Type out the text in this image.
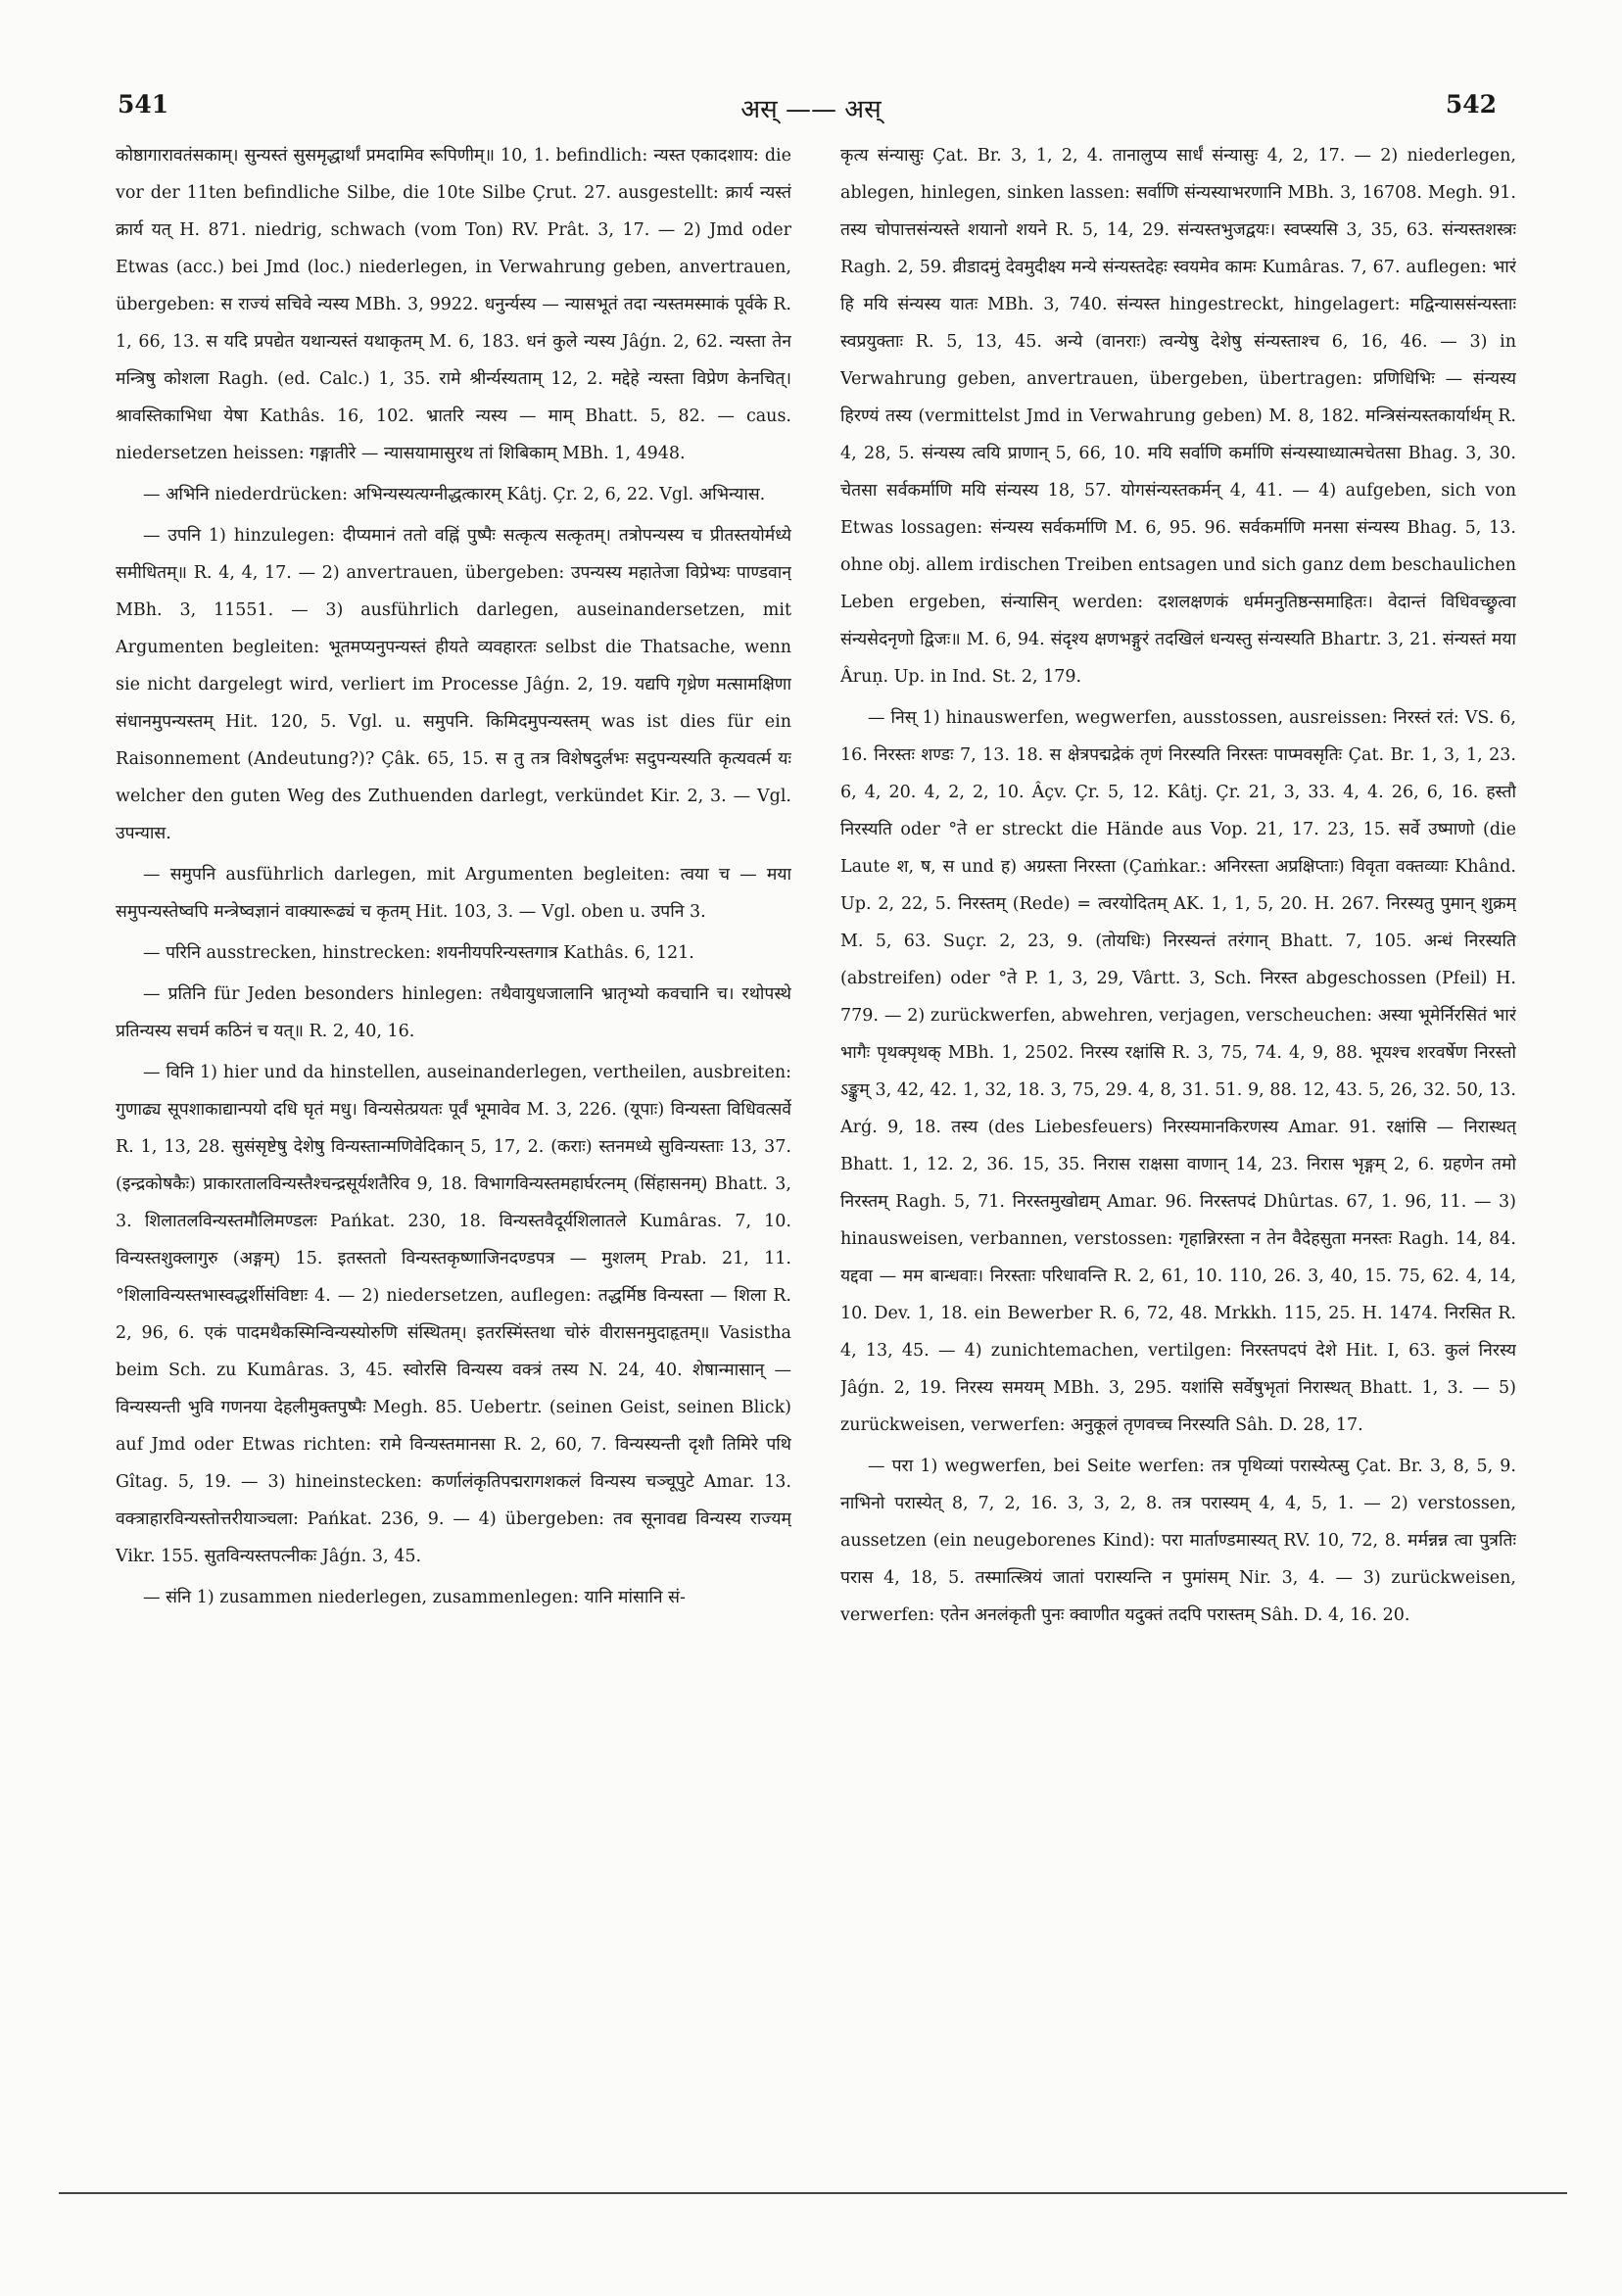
541	अस् —— अस्	542

कोष्ठागारावतंसकाम्। सुन्यस्तं सुसमृद्धार्थां प्रमदामिव रूपिणीम्॥ 10, 1. befindlich: न्यस्त एकादशाय: die vor der 11ten befindliche Silbe, die 10te Silbe Çrut. 27. ausgestellt: क्रार्य न्यस्तं क्रार्य यत् H. 871. niedrig, schwach (vom Ton) RV. Prât. 3, 17. — 2) Jmd oder Etwas (acc.) bei Jmd (loc.) niederlegen, in Verwahrung geben, anvertrauen, übergeben: स राज्यं सचिवे न्यस्य MBh. 3, 9922. धनुर्न्यस्य — न्यासभूतं तदा न्यस्तमस्माकं पूर्वके R. 1, 66, 13. स यदि प्रपद्येत यथान्यस्तं यथाकृतम् M. 6, 183. धनं कुले न्यस्य Jâǵn. 2, 62. न्यस्ता तेन मन्त्रिषु कोशला Ragh. (ed. Calc.) 1, 35. रामे श्रीर्न्यस्यताम् 12, 2. मद्देहे न्यस्ता विप्रेण केनचित्। श्रावस्तिकाभिधा येषा Kathâs. 16, 102. भ्रातरि न्यस्य — माम् Bhatt. 5, 82. — caus. niedersetzen heissen: गङ्गातीरे — न्यासयामासुरथ तां शिबिकाम् MBh. 1, 4948.

— अभिनि niederdrücken: अभिन्यस्यत्यग्नीद्धत्कारम् Kâtj. Çr. 2, 6, 22. Vgl. अभिन्यास.

— उपनि 1) hinzulegen: दीप्यमानं ततो वह्निं पुष्पैः सत्कृत्य सत्कृतम्। तत्रोपन्यस्य च प्रीतस्तयोर्मध्ये समीधितम्॥ R. 4, 4, 17. — 2) anvertrauen, übergeben: उपन्यस्य महातेजा विप्रेभ्यः पाण्डवान् MBh. 3, 11551. — 3) ausführlich darlegen, auseinandersetzen, mit Argumenten begleiten: भूतमप्यनुपन्यस्तं हीयते व्यवहारतः selbst die Thatsache, wenn sie nicht dargelegt wird, verliert im Processe Jâǵn. 2, 19. यद्यपि गृध्रेण मत्सामक्षिणा संधानमुपन्यस्तम् Hit. 120, 5. Vgl. u. समुपनि. किमिदमुपन्यस्तम् was ist dies für ein Raisonnement (Andeutung?)? Çâk. 65, 15. स तु तत्र विशेषदुर्लभः सदुपन्यस्यति कृत्यवर्त्म यः welcher den guten Weg des Zuthuenden darlegt, verkündet Kir. 2, 3. — Vgl. उपन्यास.

— समुपनि ausführlich darlegen, mit Argumenten begleiten: त्वया च — मया समुपन्यस्तेष्वपि मन्त्रेष्वज्ञानं वाक्यारूढ्यं च कृतम् Hit. 103, 3. — Vgl. oben u. उपनि 3.

— परिनि ausstrecken, hinstrecken: शयनीयपरिन्यस्तगात्र Kathâs. 6, 121.

— प्रतिनि für Jeden besonders hinlegen: तथैवायुधजालानि भ्रातृभ्यो कवचानि च। रथोपस्थे प्रतिन्यस्य सचर्म कठिनं च यत्॥ R. 2, 40, 16.

— विनि 1) hier und da hinstellen, auseinanderlegen, vertheilen, ausbreiten: गुणाढ्य सूपशाकाद्यान्पयो दधि घृतं मधु। विन्यसेत्प्रयतः पूर्वं भूमावेव M. 3, 226. (यूपाः) विन्यस्ता विधिवत्सर्वे R. 1, 13, 28. सुसंसृष्टेषु देशेषु विन्यस्तान्मणिवेदिकान् 5, 17, 2. (कराः) स्तनमध्ये सुविन्यस्ताः 13, 37. (इन्द्रकोषकैः) प्राकारतालविन्यस्तैश्चन्द्रसूर्यशतैरिव 9, 18. विभागविन्यस्तमहार्घरत्नम् (सिंहासनम्) Bhatt. 3, 3. शिलातलविन्यस्तमौलिमण्डलः Pańkat. 230, 18. विन्यस्तवैदूर्यशिलातले Kumâras. 7, 10. विन्यस्तशुक्लागुरु (अङ्गम्) 15. इतस्ततो विन्यस्तकृष्णाजिनदण्डपत्र — मुशलम् Prab. 21, 11. °शिलाविन्यस्तभास्वद्धर्शीसंविष्टाः 4. — 2) niedersetzen, auflegen: तद्धर्मिष्ठ विन्यस्ता — शिला R. 2, 96, 6. एकं पादमथैकस्मिन्विन्यस्योरुणि संस्थितम्। इतरस्मिंस्तथा चोरुं वीरासनमुदाहृतम्॥ Vasistha beim Sch. zu Kumâras. 3, 45. स्वोरसि विन्यस्य वक्त्रं तस्य N. 24, 40. शेषान्मासान् — विन्यस्यन्ती भुवि गणनया देहलीमुक्तपुष्पैः Megh. 85. Uebertr. (seinen Geist, seinen Blick) auf Jmd oder Etwas richten: रामे विन्यस्तमानसा R. 2, 60, 7. विन्यस्यन्ती दृशौ तिमिरे पथि Gîtag. 5, 19. — 3) hineinstecken: कर्णालंकृतिपद्मरागशकलं विन्यस्य चञ्चूपुटे Amar. 13. वक्त्राहारविन्यस्तोत्तरीयाञ्चला: Pańkat. 236, 9. — 4) übergeben: तव सूनावद्य विन्यस्य राज्यम् Vikr. 155. सुतविन्यस्तपत्नीकः Jâǵn. 3, 45.

— संनि 1) zusammen niederlegen, zusammenlegen: यानि मांसानि सं-

कृत्य संन्यासुः Çat. Br. 3, 1, 2, 4. तानालुप्य सार्धं संन्यासुः 4, 2, 17. — 2) niederlegen, ablegen, hinlegen, sinken lassen: सर्वाणि संन्यस्याभरणानि MBh. 3, 16708. Megh. 91. तस्य चोपात्तसंन्यस्ते शयानो शयने R. 5, 14, 29. संन्यस्तभुजद्वयः। स्वप्स्यसि 3, 35, 63. संन्यस्तशस्त्रः Ragh. 2, 59. व्रीडादमुं देवमुदीक्ष्य मन्ये संन्यस्तदेहः स्वयमेव कामः Kumâras. 7, 67. auflegen: भारं हि मयि संन्यस्य यातः MBh. 3, 740. संन्यस्त hingestreckt, hingelagert: मद्विन्याससंन्यस्ताः स्वप्रयुक्ताः R. 5, 13, 45. अन्ये (वानराः) त्वन्येषु देशेषु संन्यस्ताश्च 6, 16, 46. — 3) in Verwahrung geben, anvertrauen, übergeben, übertragen: प्रणिधिभिः — संन्यस्य हिरण्यं तस्य (vermittelst Jmd in Verwahrung geben) M. 8, 182. मन्त्रिसंन्यस्तकार्यार्थम् R. 4, 28, 5. संन्यस्य त्वयि प्राणान् 5, 66, 10. मयि सर्वाणि कर्माणि संन्यस्याध्यात्मचेतसा Bhag. 3, 30. चेतसा सर्वकर्माणि मयि संन्यस्य 18, 57. योगसंन्यस्तकर्मन् 4, 41. — 4) aufgeben, sich von Etwas lossagen: संन्यस्य सर्वकर्माणि M. 6, 95. 96. सर्वकर्माणि मनसा संन्यस्य Bhag. 5, 13. ohne obj. allem irdischen Treiben entsagen und sich ganz dem beschaulichen Leben ergeben, संन्यासिन् werden: दशलक्षणकं धर्ममनुतिष्ठन्समाहितः। वेदान्तं विधिवच्छ्रुत्वा संन्यसेदनृणो द्विजः॥ M. 6, 94. संदृश्य क्षणभङ्गुरं तदखिलं धन्यस्तु संन्यस्यति Bhartr. 3, 21. संन्यस्तं मया Âruṇ. Up. in Ind. St. 2, 179.

— निस् 1) hinauswerfen, wegwerfen, ausstossen, ausreissen: निरस्तं रतं: VS. 6, 16. निरस्तः शण्डः 7, 13. 18. स क्षेत्रपद्मद्रेकं तृणं निरस्यति निरस्तः पाप्मवसृतिः Çat. Br. 1, 3, 1, 23. 6, 4, 20. 4, 2, 2, 10. Âçv. Çr. 5, 12. Kâtj. Çr. 21, 3, 33. 4, 4. 26, 6, 16. हस्तौ निरस्यति oder °ते er streckt die Hände aus Vop. 21, 17. 23, 15. सर्वे उष्माणो (die Laute श, ष, स und ह) अग्रस्ता निरस्ता (Çaṁkar.: अनिरस्ता अप्रक्षिप्ताः) विवृता वक्तव्याः Khând. Up. 2, 22, 5. निरस्तम् (Rede) = त्वरयोदितम् AK. 1, 1, 5, 20. H. 267. निरस्यतु पुमान् शुक्रम् M. 5, 63. Suçr. 2, 23, 9. (तोयधिः) निरस्यन्तं तरंगान् Bhatt. 7, 105. अन्धं निरस्यति (abstreifen) oder °ते P. 1, 3, 29, Vârtt. 3, Sch. निरस्त abgeschossen (Pfeil) H. 779. — 2) zurückwerfen, abwehren, verjagen, verscheuchen: अस्या भूमेर्निरसितं भारं भागैः पृथक्पृथक् MBh. 1, 2502. निरस्य रक्षांसि R. 3, 75, 74. 4, 9, 88. भूयश्च शरवर्षेण निरस्तो ऽङ्कुम् 3, 42, 42. 1, 32, 18. 3, 75, 29. 4, 8, 31. 51. 9, 88. 12, 43. 5, 26, 32. 50, 13. Arǵ. 9, 18. तस्य (des Liebesfeuers) निरस्यमानकिरणस्य Amar. 91. रक्षांसि — निरास्थत् Bhatt. 1, 12. 2, 36. 15, 35. निरास राक्षसा वाणान् 14, 23. निरास भृङ्गम् 2, 6. ग्रहणेन तमो निरस्तम् Ragh. 5, 71. निरस्तमुखोद्यम् Amar. 96. निरस्तपदं Dhûrtas. 67, 1. 96, 11. — 3) hinausweisen, verbannen, verstossen: गृहान्निरस्ता न तेन वैदेहसुता मनस्तः Ragh. 14, 84. यद्दवा — मम बान्धवाः। निरस्ताः परिधावन्ति R. 2, 61, 10. 110, 26. 3, 40, 15. 75, 62. 4, 14, 10. Dev. 1, 18. ein Bewerber R. 6, 72, 48. Mrkkh. 115, 25. H. 1474. निरसित R. 4, 13, 45. — 4) zunichtemachen, vertilgen: निरस्तपदपं देशे Hit. I, 63. कुलं निरस्य Jâǵn. 2, 19. निरस्य समयम् MBh. 3, 295. यशांसि सर्वेषुभृतां निरास्थत् Bhatt. 1, 3. — 5) zurückweisen, verwerfen: अनुकूलं तृणवच्च निरस्यति Sâh. D. 28, 17.

— परा 1) wegwerfen, bei Seite werfen: तत्र पृथिव्यां परास्येत्प्सु Çat. Br. 3, 8, 5, 9. नाभिनो परास्येत् 8, 7, 2, 16. 3, 3, 2, 8. तत्र परास्यम् 4, 4, 5, 1. — 2) verstossen, aussetzen (ein neugeborenes Kind): परा मार्ताण्डमास्यत् RV. 10, 72, 8. मर्मन्नन्न त्वा पुत्रतिः परास 4, 18, 5. तस्मात्स्त्रियं जातां परास्यन्ति न पुमांसम् Nir. 3, 4. — 3) zurückweisen, verwerfen: एतेन अनलंकृती पुनः क्वाणीत यदुक्तं तदपि परास्तम् Sâh. D. 4, 16. 20.
